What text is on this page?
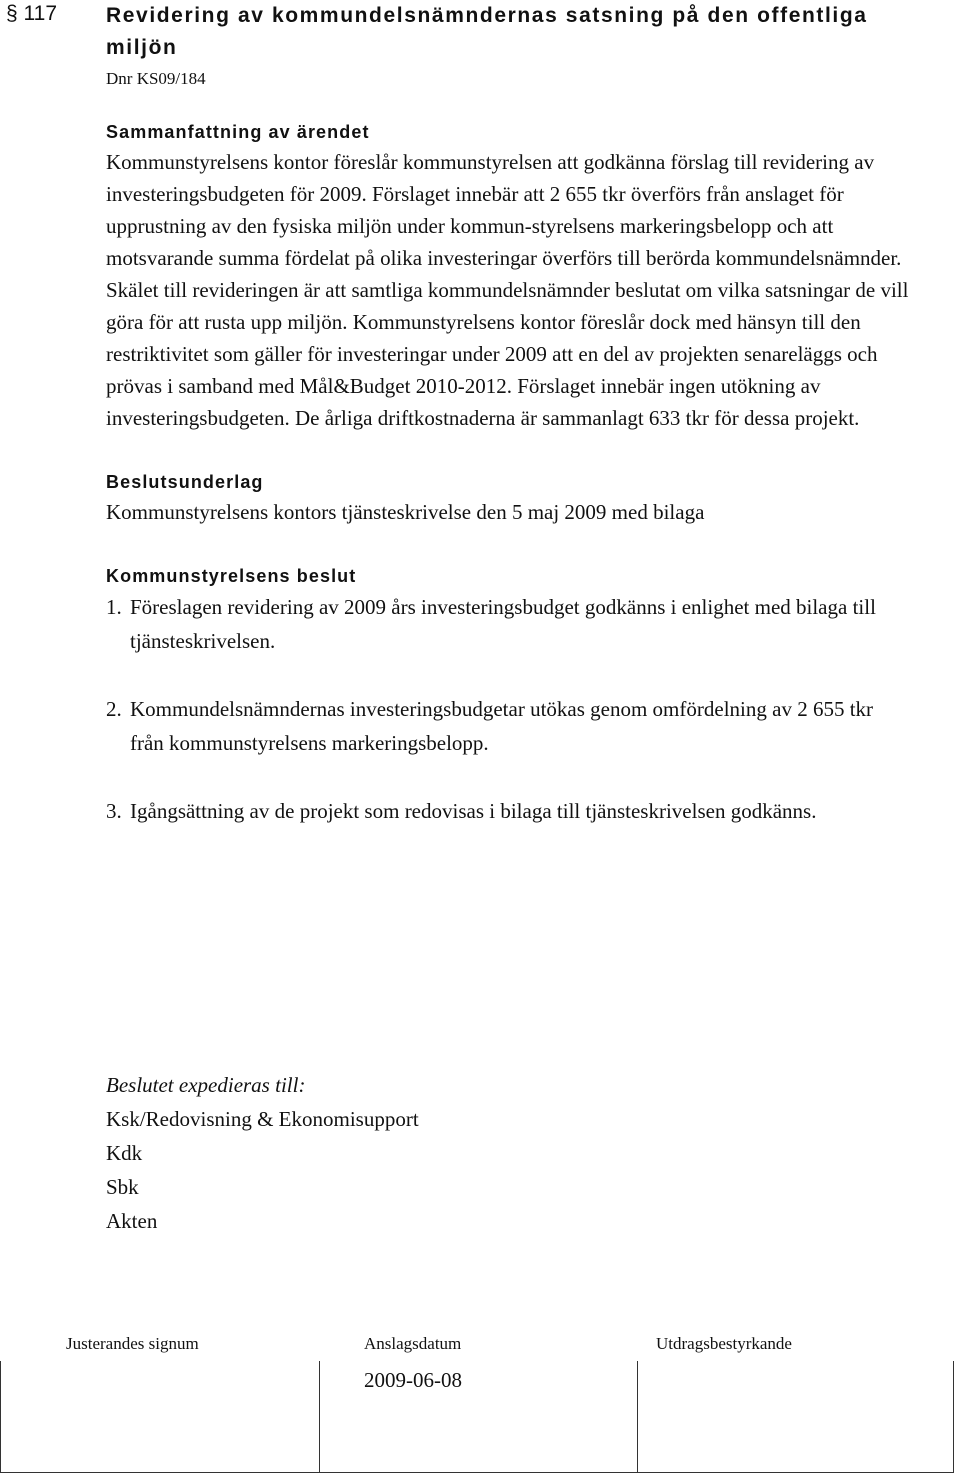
§ 117 Revidering av kommundelsnämndernas satsning på den offentliga miljön
Dnr KS09/184
Sammanfattning av ärendet

Kommunstyrelsens kontor föreslår kommunstyrelsen att godkänna förslag till revidering av investeringsbudgeten för 2009. Förslaget innebär att 2 655 tkr överförs från anslaget för upprustning av den fysiska miljön under kommun-styrelsens markeringsbelopp och att motsvarande summa fördelat på olika investeringar överförs till berörda kommundelsnämnder. Skälet till revideringen är att samtliga kommundelsnämnder beslutat om vilka satsningar de vill göra för att rusta upp miljön. Kommunstyrelsens kontor föreslår dock med hänsyn till den restriktivitet som gäller för investeringar under 2009 att en del av projekten senareläggs och prövas i samband med Mål&Budget 2010-2012. Förslaget innebär ingen utökning av investeringsbudgeten. De årliga driftkostnaderna är sammanlagt 633 tkr för dessa projekt.

Beslutsunderlag

Kommunstyrelsens kontors tjänsteskrivelse den 5 maj 2009 med bilaga

Kommunstyrelsens beslut
1. Föreslagen revidering av 2009 års investeringsbudget godkänns i enlighet med bilaga till tjänsteskrivelsen.
2. Kommundelsnämndernas investeringsbudgetar utökas genom omfördelning av 2 655 tkr från kommunstyrelsens markeringsbelopp.
3. Igångsättning av de projekt som redovisas i bilaga till tjänsteskrivelsen godkänns.

Beslutet expedieras till:

Ksk/Redovisning & Ekonomisupport

Kdk

Sbk

Akten

Justerandes signum	Anslagsdatum	Utdragsbestyrkande
2009-06-08
